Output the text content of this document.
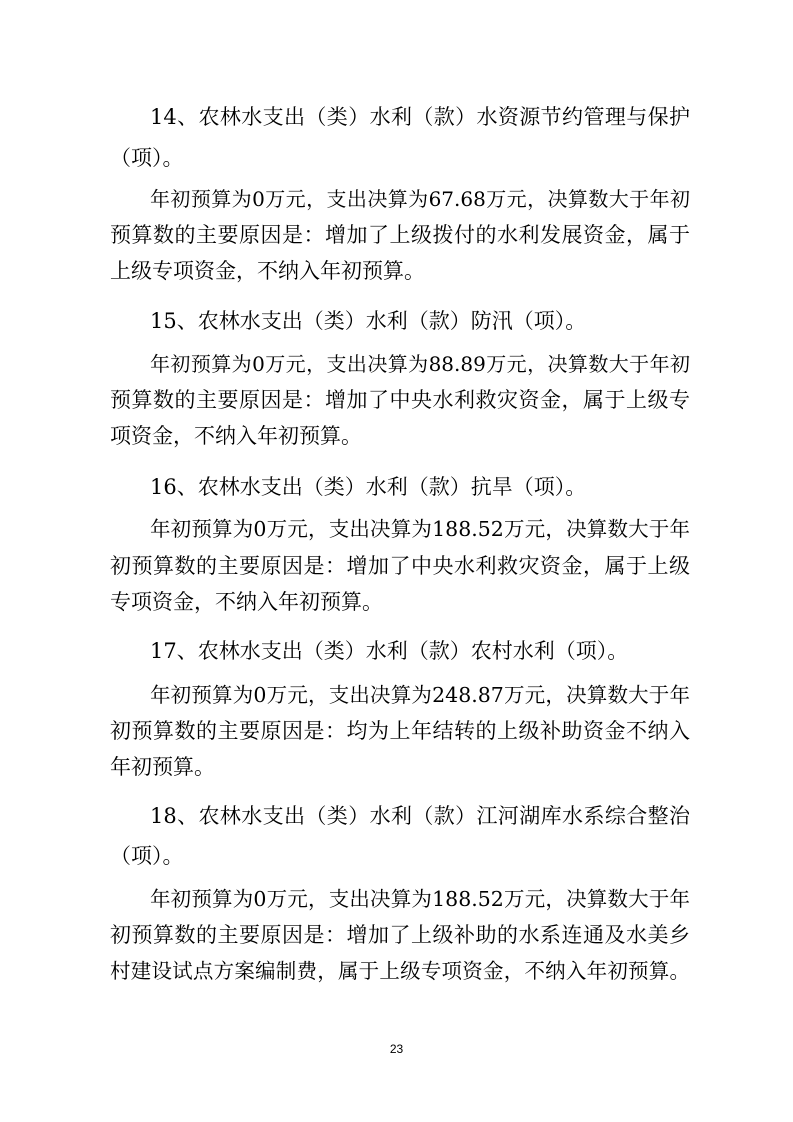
14、农林水支出（类）水利（款）水资源节约管理与保护
（项）。
年初预算为0万元，支出决算为67.68万元，决算数大于年初
预算数的主要原因是：增加了上级拨付的水利发展资金，属于
上级专项资金，不纳入年初预算。
15、农林水支出（类）水利（款）防汛（项）。
年初预算为0万元，支出决算为88.89万元，决算数大于年初
预算数的主要原因是：增加了中央水利救灾资金，属于上级专
项资金，不纳入年初预算。
16、农林水支出（类）水利（款）抗旱（项）。
年初预算为0万元，支出决算为188.52万元，决算数大于年
初预算数的主要原因是：增加了中央水利救灾资金，属于上级
专项资金，不纳入年初预算。
17、农林水支出（类）水利（款）农村水利（项）。
年初预算为0万元，支出决算为248.87万元，决算数大于年
初预算数的主要原因是：均为上年结转的上级补助资金不纳入
年初预算。
18、农林水支出（类）水利（款）江河湖库水系综合整治
（项）。
年初预算为0万元，支出决算为188.52万元，决算数大于年
初预算数的主要原因是：增加了上级补助的水系连通及水美乡
村建设试点方案编制费，属于上级专项资金，不纳入年初预算。
23
